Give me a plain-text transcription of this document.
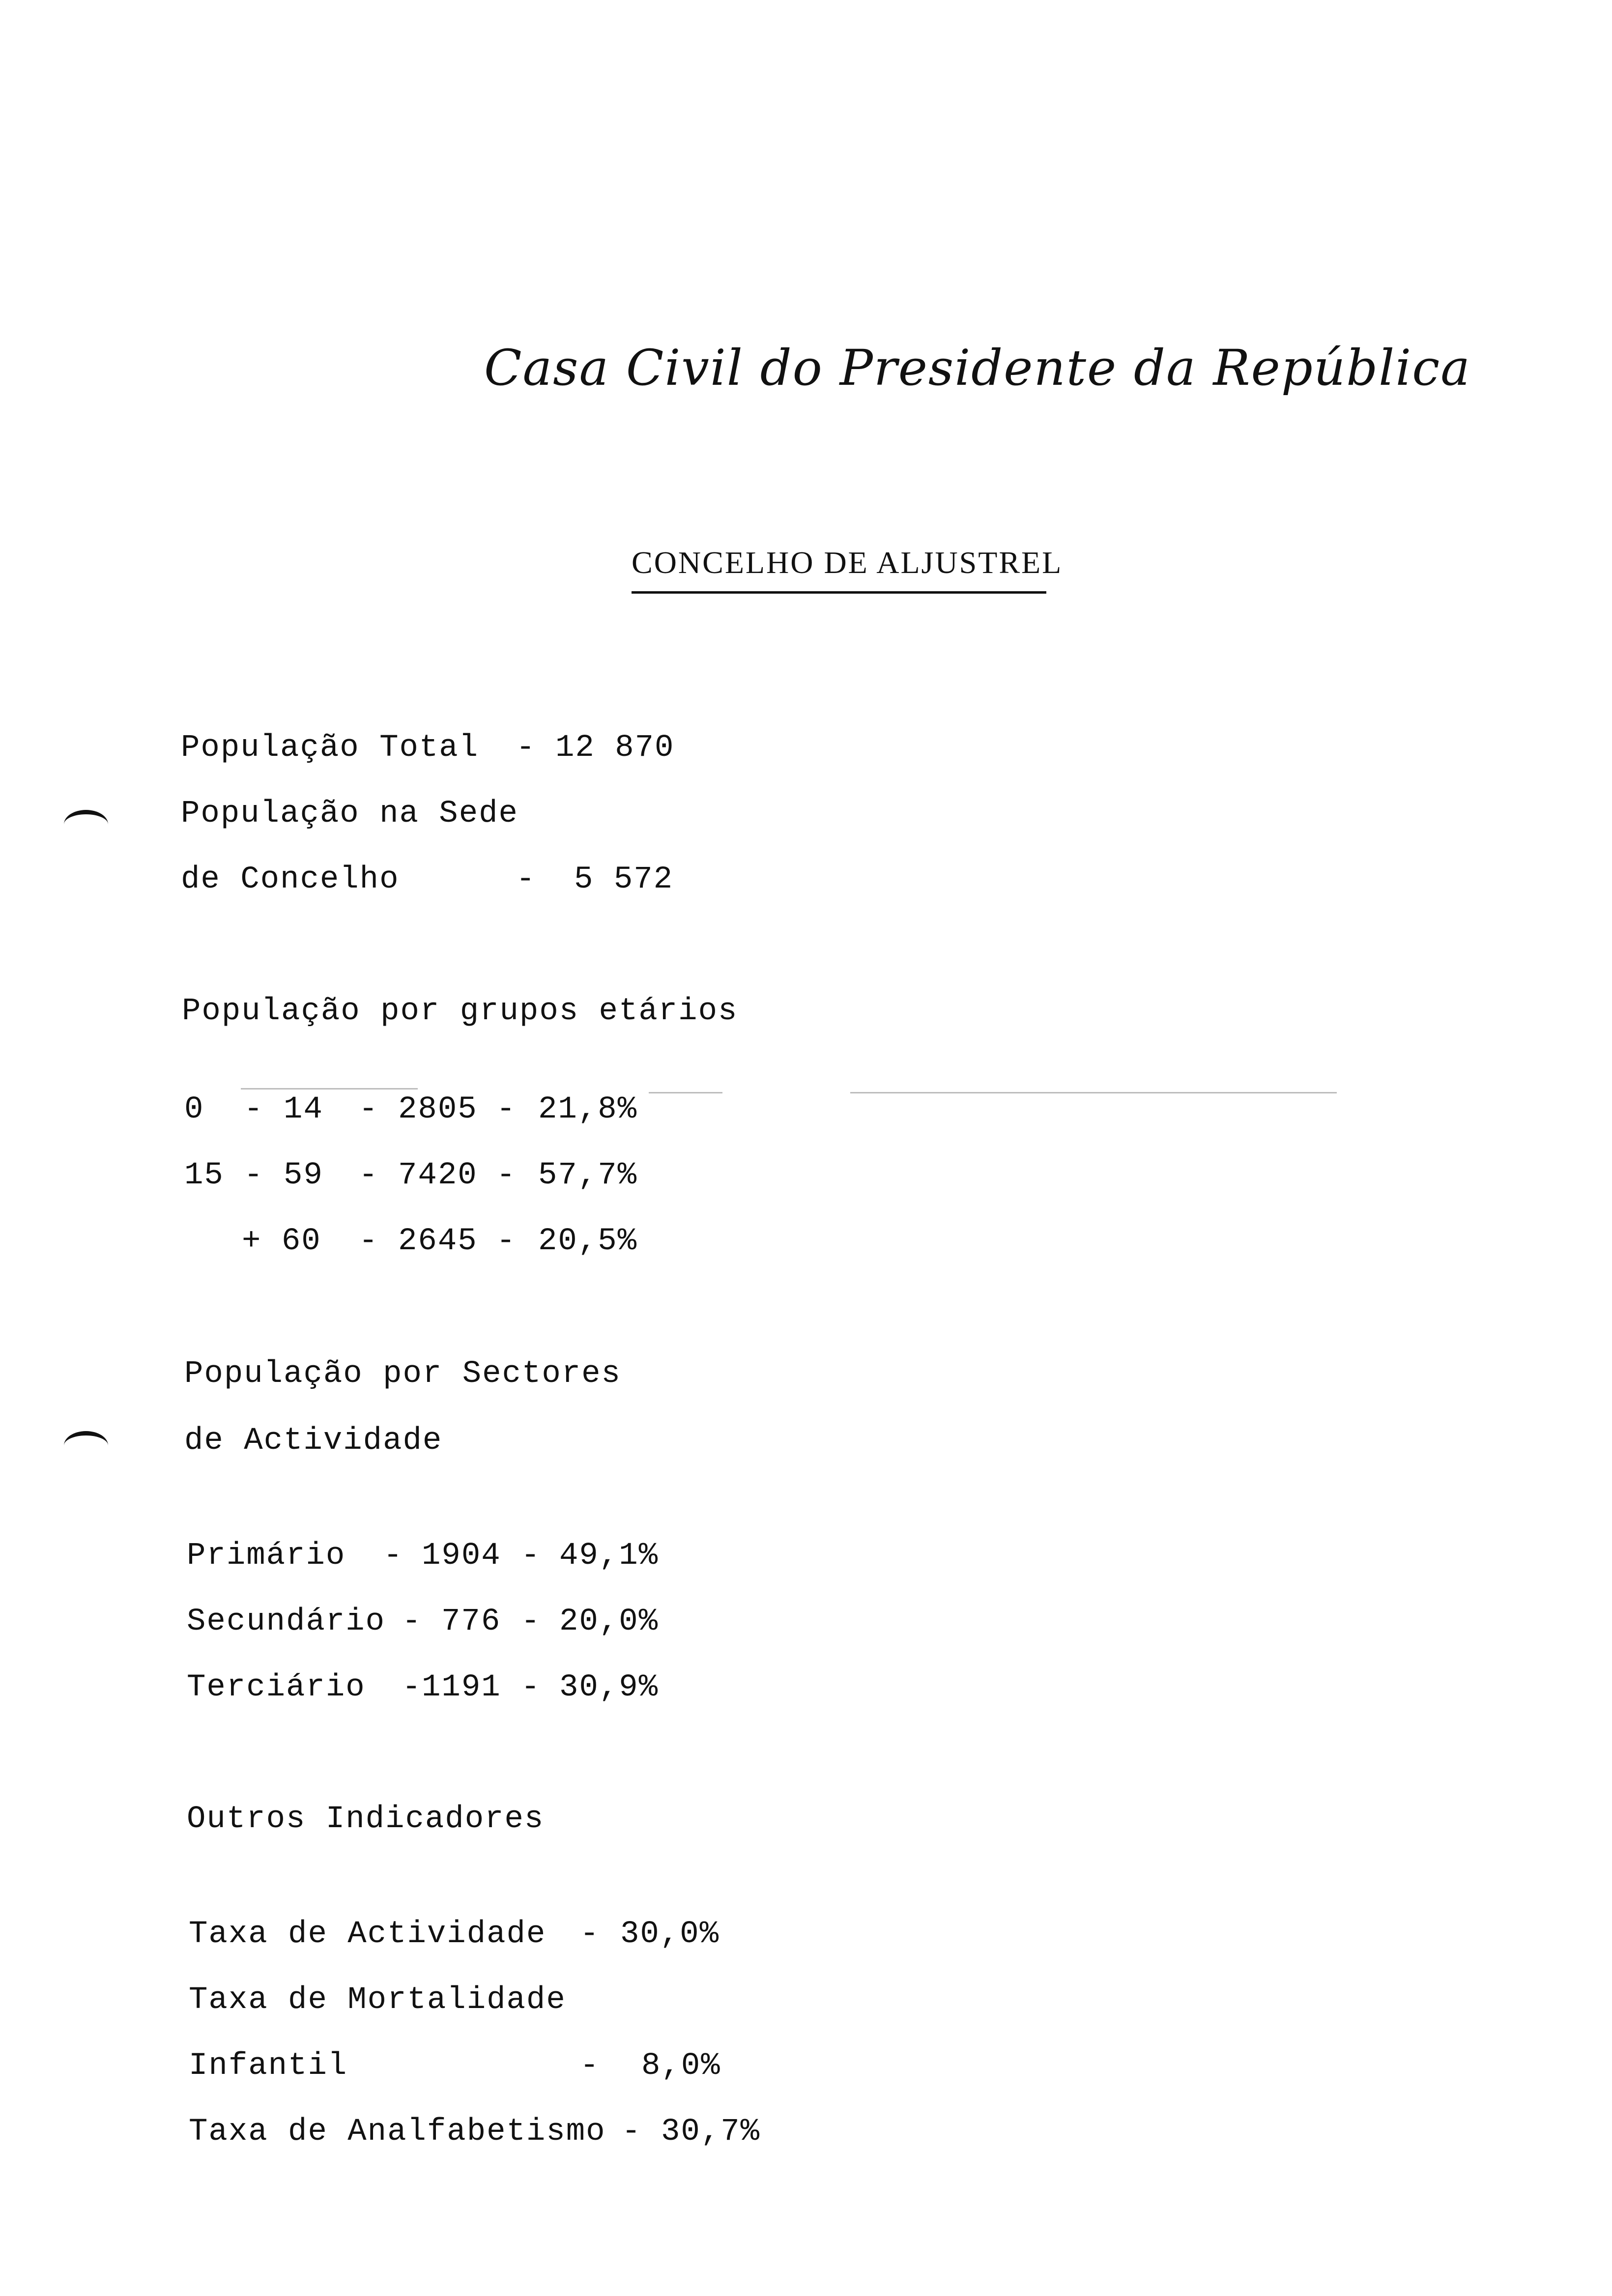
Casa Civil do Presidente da República
CONCELHO DE ALJUSTREL
População Total - 12 870
População na Sede
de Concelho	- 5 572
População por grupos etários
0  - 14 - 2805 - 21,8%
15 - 59 - 7420 - 57,7%
+ 60 - 2645 - 20,5%
População por Sectores
de Actividade
Primário - 1904 - 49,1%
Secundário - 776 - 20,0%
Terciário - 1191 - 30,9%
Outros Indicadores
Taxa de Actividade - 30,0%
Taxa de Mortalidade
Infantil	- 8,0%
Taxa de Analfabetismo - 30,7%
